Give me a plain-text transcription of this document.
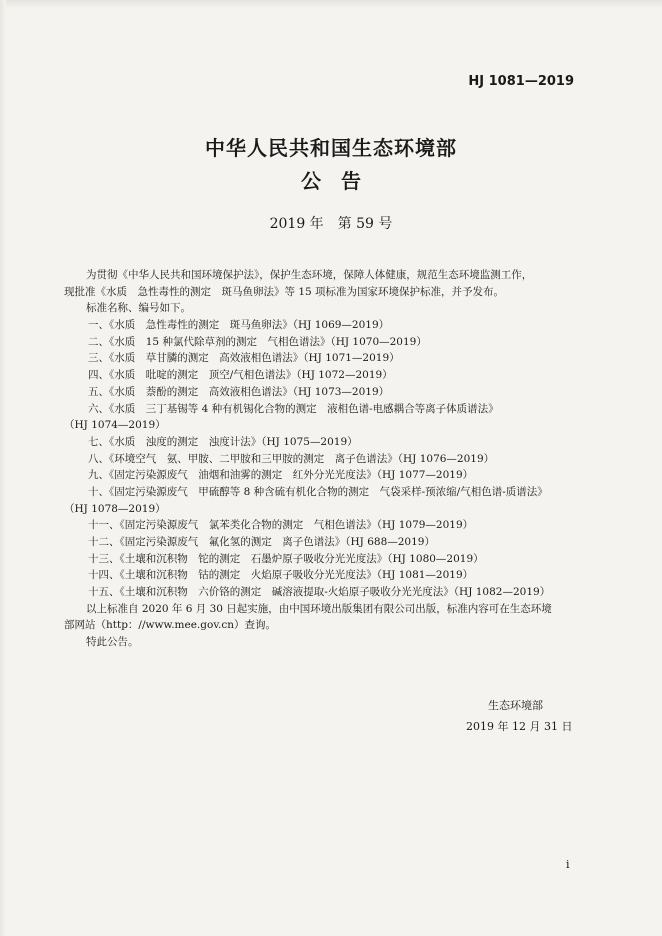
HJ 1081—2019
中华人民共和国生态环境部
公　告
2019 年　第 59 号
为贯彻《中华人民共和国环境保护法》，保护生态环境，保障人体健康，规范生态环境监测工作，
现批准《水质　急性毒性的测定　斑马鱼卵法》等 15 项标准为国家环境保护标准，并予发布。
标准名称、编号如下。
一、《水质　急性毒性的测定　斑马鱼卵法》（HJ 1069—2019）
二、《水质　15 种氯代除草剂的测定　气相色谱法》（HJ 1070—2019）
三、《水质　草甘膦的测定　高效液相色谱法》（HJ 1071—2019）
四、《水质　吡啶的测定　顶空/气相色谱法》（HJ 1072—2019）
五、《水质　萘酚的测定　高效液相色谱法》（HJ 1073—2019）
六、《水质　三丁基锡等 4 种有机锡化合物的测定　液相色谱-电感耦合等离子体质谱法》
（HJ 1074—2019）
七、《水质　浊度的测定　浊度计法》（HJ 1075—2019）
八、《环境空气　氨、甲胺、二甲胺和三甲胺的测定　离子色谱法》（HJ 1076—2019）
九、《固定污染源废气　油烟和油雾的测定　红外分光光度法》（HJ 1077—2019）
十、《固定污染源废气　甲硫醇等 8 种含硫有机化合物的测定　气袋采样-预浓缩/气相色谱-质谱法》
（HJ 1078—2019）
十一、《固定污染源废气　氯苯类化合物的测定　气相色谱法》（HJ 1079—2019）
十二、《固定污染源废气　氟化氢的测定　离子色谱法》（HJ 688—2019）
十三、《土壤和沉积物　铊的测定　石墨炉原子吸收分光光度法》（HJ 1080—2019）
十四、《土壤和沉积物　钴的测定　火焰原子吸收分光光度法》（HJ 1081—2019）
十五、《土壤和沉积物　六价铬的测定　碱溶液提取-火焰原子吸收分光光度法》（HJ 1082—2019）
以上标准自 2020 年 6 月 30 日起实施，由中国环境出版集团有限公司出版，标准内容可在生态环境
部网站（http：//www.mee.gov.cn）查询。
特此公告。
生态环境部
2019 年 12 月 31 日
i
